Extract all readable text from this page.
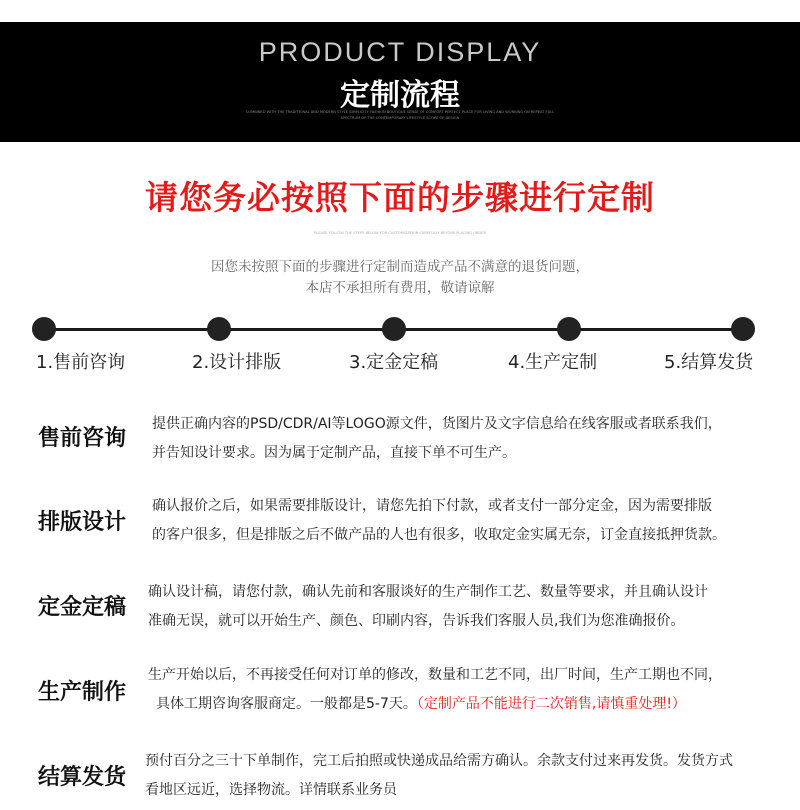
PRODUCT DISPLAY
定制流程
COMBINED WITH THE TRADITIONAL AND MODERN STYLE SIMPLICITY FASHION BOUTIQUE SENSE OF COMFORT PERFECT PLACE FOR LIVING AND WORKING ON REPEAT FULL SPECTRUM OF THE CONTEMPORARY LIFESTYLE SCOPE OF DESIGN
请您务必按照下面的步骤进行定制
PLEASE FOLLOW THE STEPS BELOW FOR CUSTOMIZATION CAREFULLY BEFORE PLACING ORDER
因您未按照下面的步骤进行定制而造成产品不满意的退货问题，
本店不承担所有费用，敬请谅解
1.售前咨询	2.设计排版	3.定金定稿	4.生产定制	5.结算发货
售前咨询
提供正确内容的PSD/CDR/AI等LOGO源文件，货图片及文字信息给在线客服或者联系我们，
并告知设计要求。因为属于定制产品，直接下单不可生产。
排版设计
确认报价之后，如果需要排版设计，请您先拍下付款，或者支付一部分定金，因为需要排版
的客户很多，但是排版之后不做产品的人也有很多，收取定金实属无奈，订金直接抵押货款。
定金定稿
确认设计稿，请您付款，确认先前和客服谈好的生产制作工艺、数量等要求，并且确认设计
准确无误，就可以开始生产、颜色、印刷内容，告诉我们客服人员,我们为您准确报价。
生产制作
生产开始以后，不再接受任何对订单的修改，数量和工艺不同，出厂时间，生产工期也不同，
具体工期咨询客服商定。一般都是5-7天。（定制产品不能进行二次销售,请慎重处理!）
结算发货
预付百分之三十下单制作，完工后拍照或快递成品给需方确认。余款支付过来再发货。发货方式
看地区远近，选择物流。详情联系业务员
